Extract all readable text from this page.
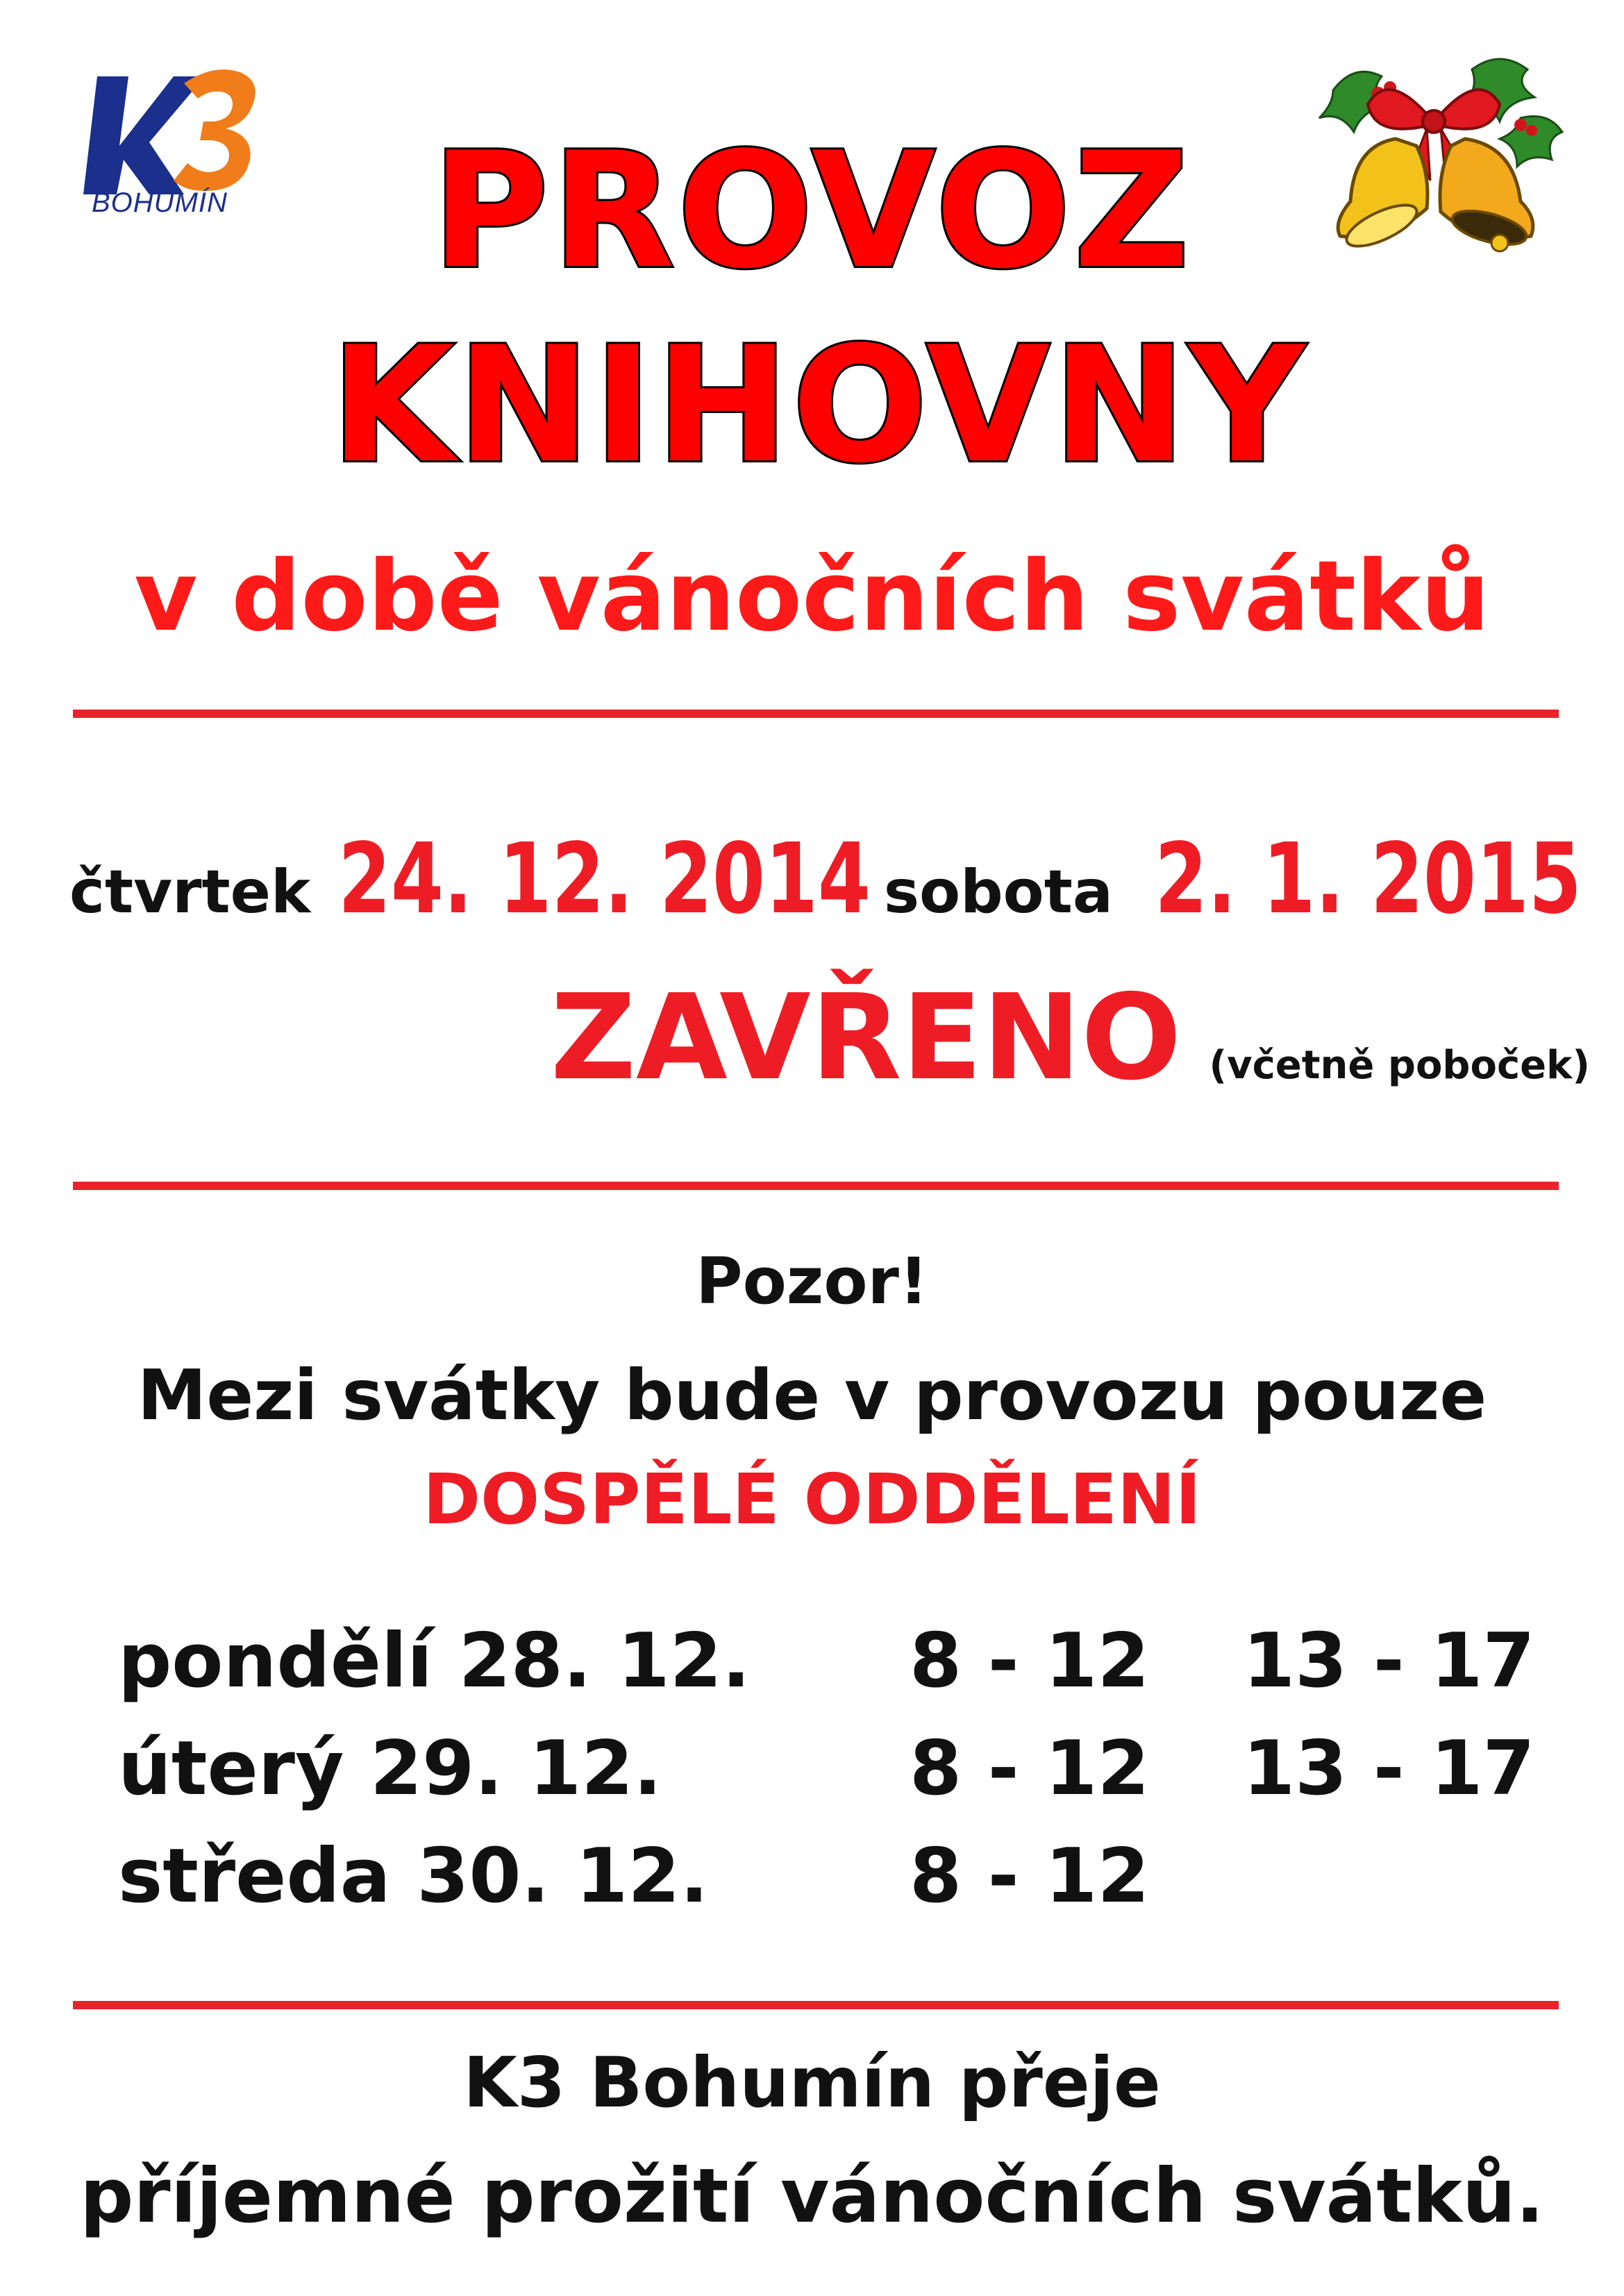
BOHUMÍN	PROVOZ
KNIHOVNY
v době vánočních svátků
čtvrtek 24. 12. 2014
- sobota 2. 1. 2015
ZAVŘENO (včetně poboček)
Pozor!
Mezi svátky bude v provozu pouze
DOSPĚLÉ ODDĚLENÍ
pondělí 28. 12. 8 - 12 13 - 17
úterý 29. 12.	8 - 12 13 - 17
středa 30. 12.	8 - 12
K3 Bohumín přeje
příjemné prožití vánočních svátků.
